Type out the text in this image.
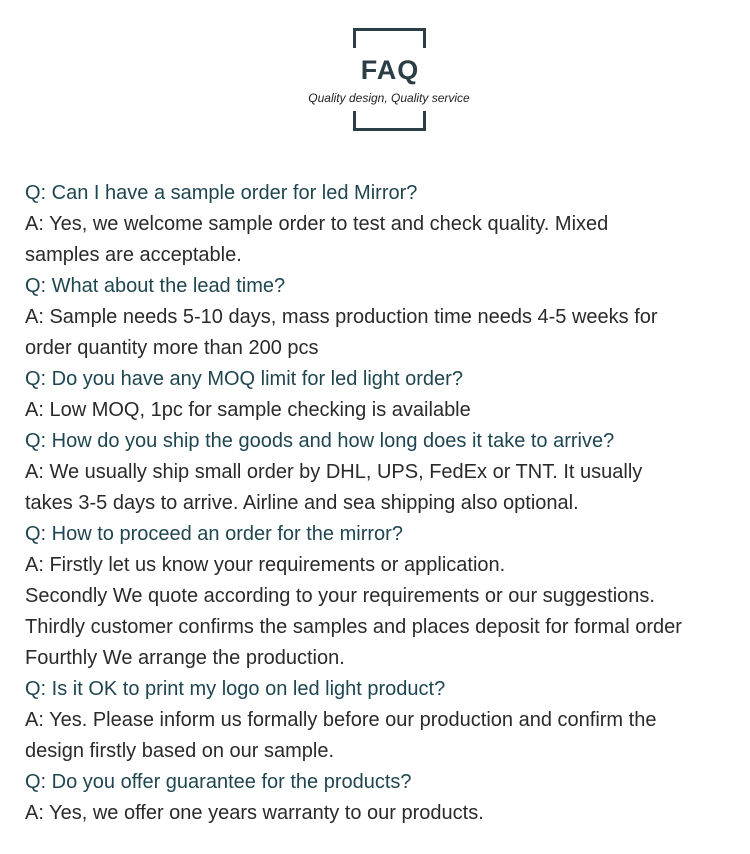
FAQ
Quality design, Quality service

Q: Can I have a sample order for led Mirror?

A: Yes, we welcome sample order to test and check quality. Mixed

samples are acceptable.

Q: What about the lead time?

A: Sample needs 5-10 days, mass production time needs 4-5 weeks for

order quantity more than 200 pcs

Q: Do you have any MOQ limit for led light order?

A: Low MOQ, 1pc for sample checking is available

Q: How do you ship the goods and how long does it take to arrive?

A: We usually ship small order by DHL, UPS, FedEx or TNT. It usually

takes 3-5 days to arrive. Airline and sea shipping also optional.

Q: How to proceed an order for the mirror?

A: Firstly let us know your requirements or application.

Secondly We quote according to your requirements or our suggestions.

Thirdly customer confirms the samples and places deposit for formal order

Fourthly We arrange the production.

Q: Is it OK to print my logo on led light product?

A: Yes. Please inform us formally before our production and confirm the

design firstly based on our sample.

Q: Do you offer guarantee for the products?

A: Yes, we offer one years warranty to our products.
